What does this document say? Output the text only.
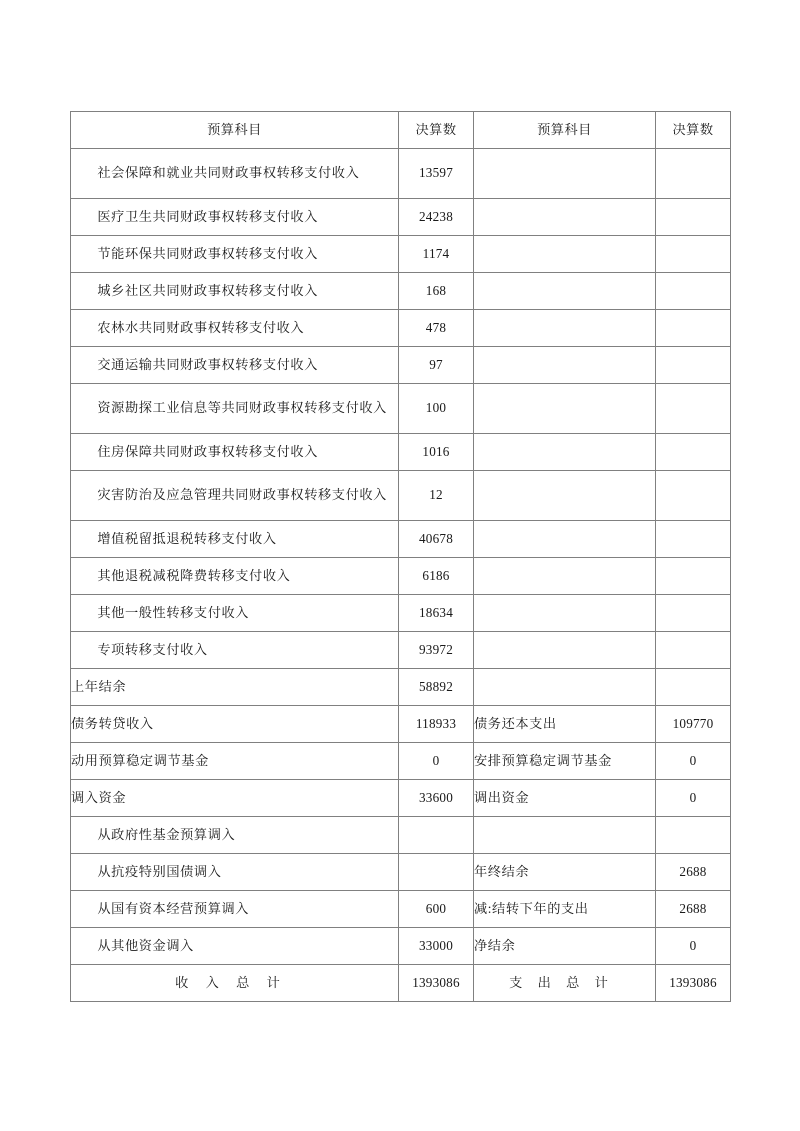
预算科目	决算数	预算科目	决算数

社会保障和就业共同财政事权转移支付收入	13597	

医疗卫生共同财政事权转移支付收入	24238	

节能环保共同财政事权转移支付收入	1174	

城乡社区共同财政事权转移支付收入	168	

农林水共同财政事权转移支付收入	478	

交通运输共同财政事权转移支付收入	97	

资源勘探工业信息等共同财政事权转移支付收入	100	

住房保障共同财政事权转移支付收入	1016	

灾害防治及应急管理共同财政事权转移支付收入	12	

增值税留抵退税转移支付收入	40678	

其他退税减税降费转移支付收入	6186	

其他一般性转移支付收入	18634	

专项转移支付收入	93972	

上年结余	58892	

债务转贷收入	118933	债务还本支出	109770

动用预算稳定调节基金	0	安排预算稳定调节基金	0

调入资金	33600	调出资金	0

从政府性基金预算调入			

从抗疫特别国债调入		年终结余	2688

从国有资本经营预算调入	600	减:结转下年的支出	2688

从其他资金调入	33000	净结余	0

收 入 总 计	1393086	支 出 总 计	1393086
